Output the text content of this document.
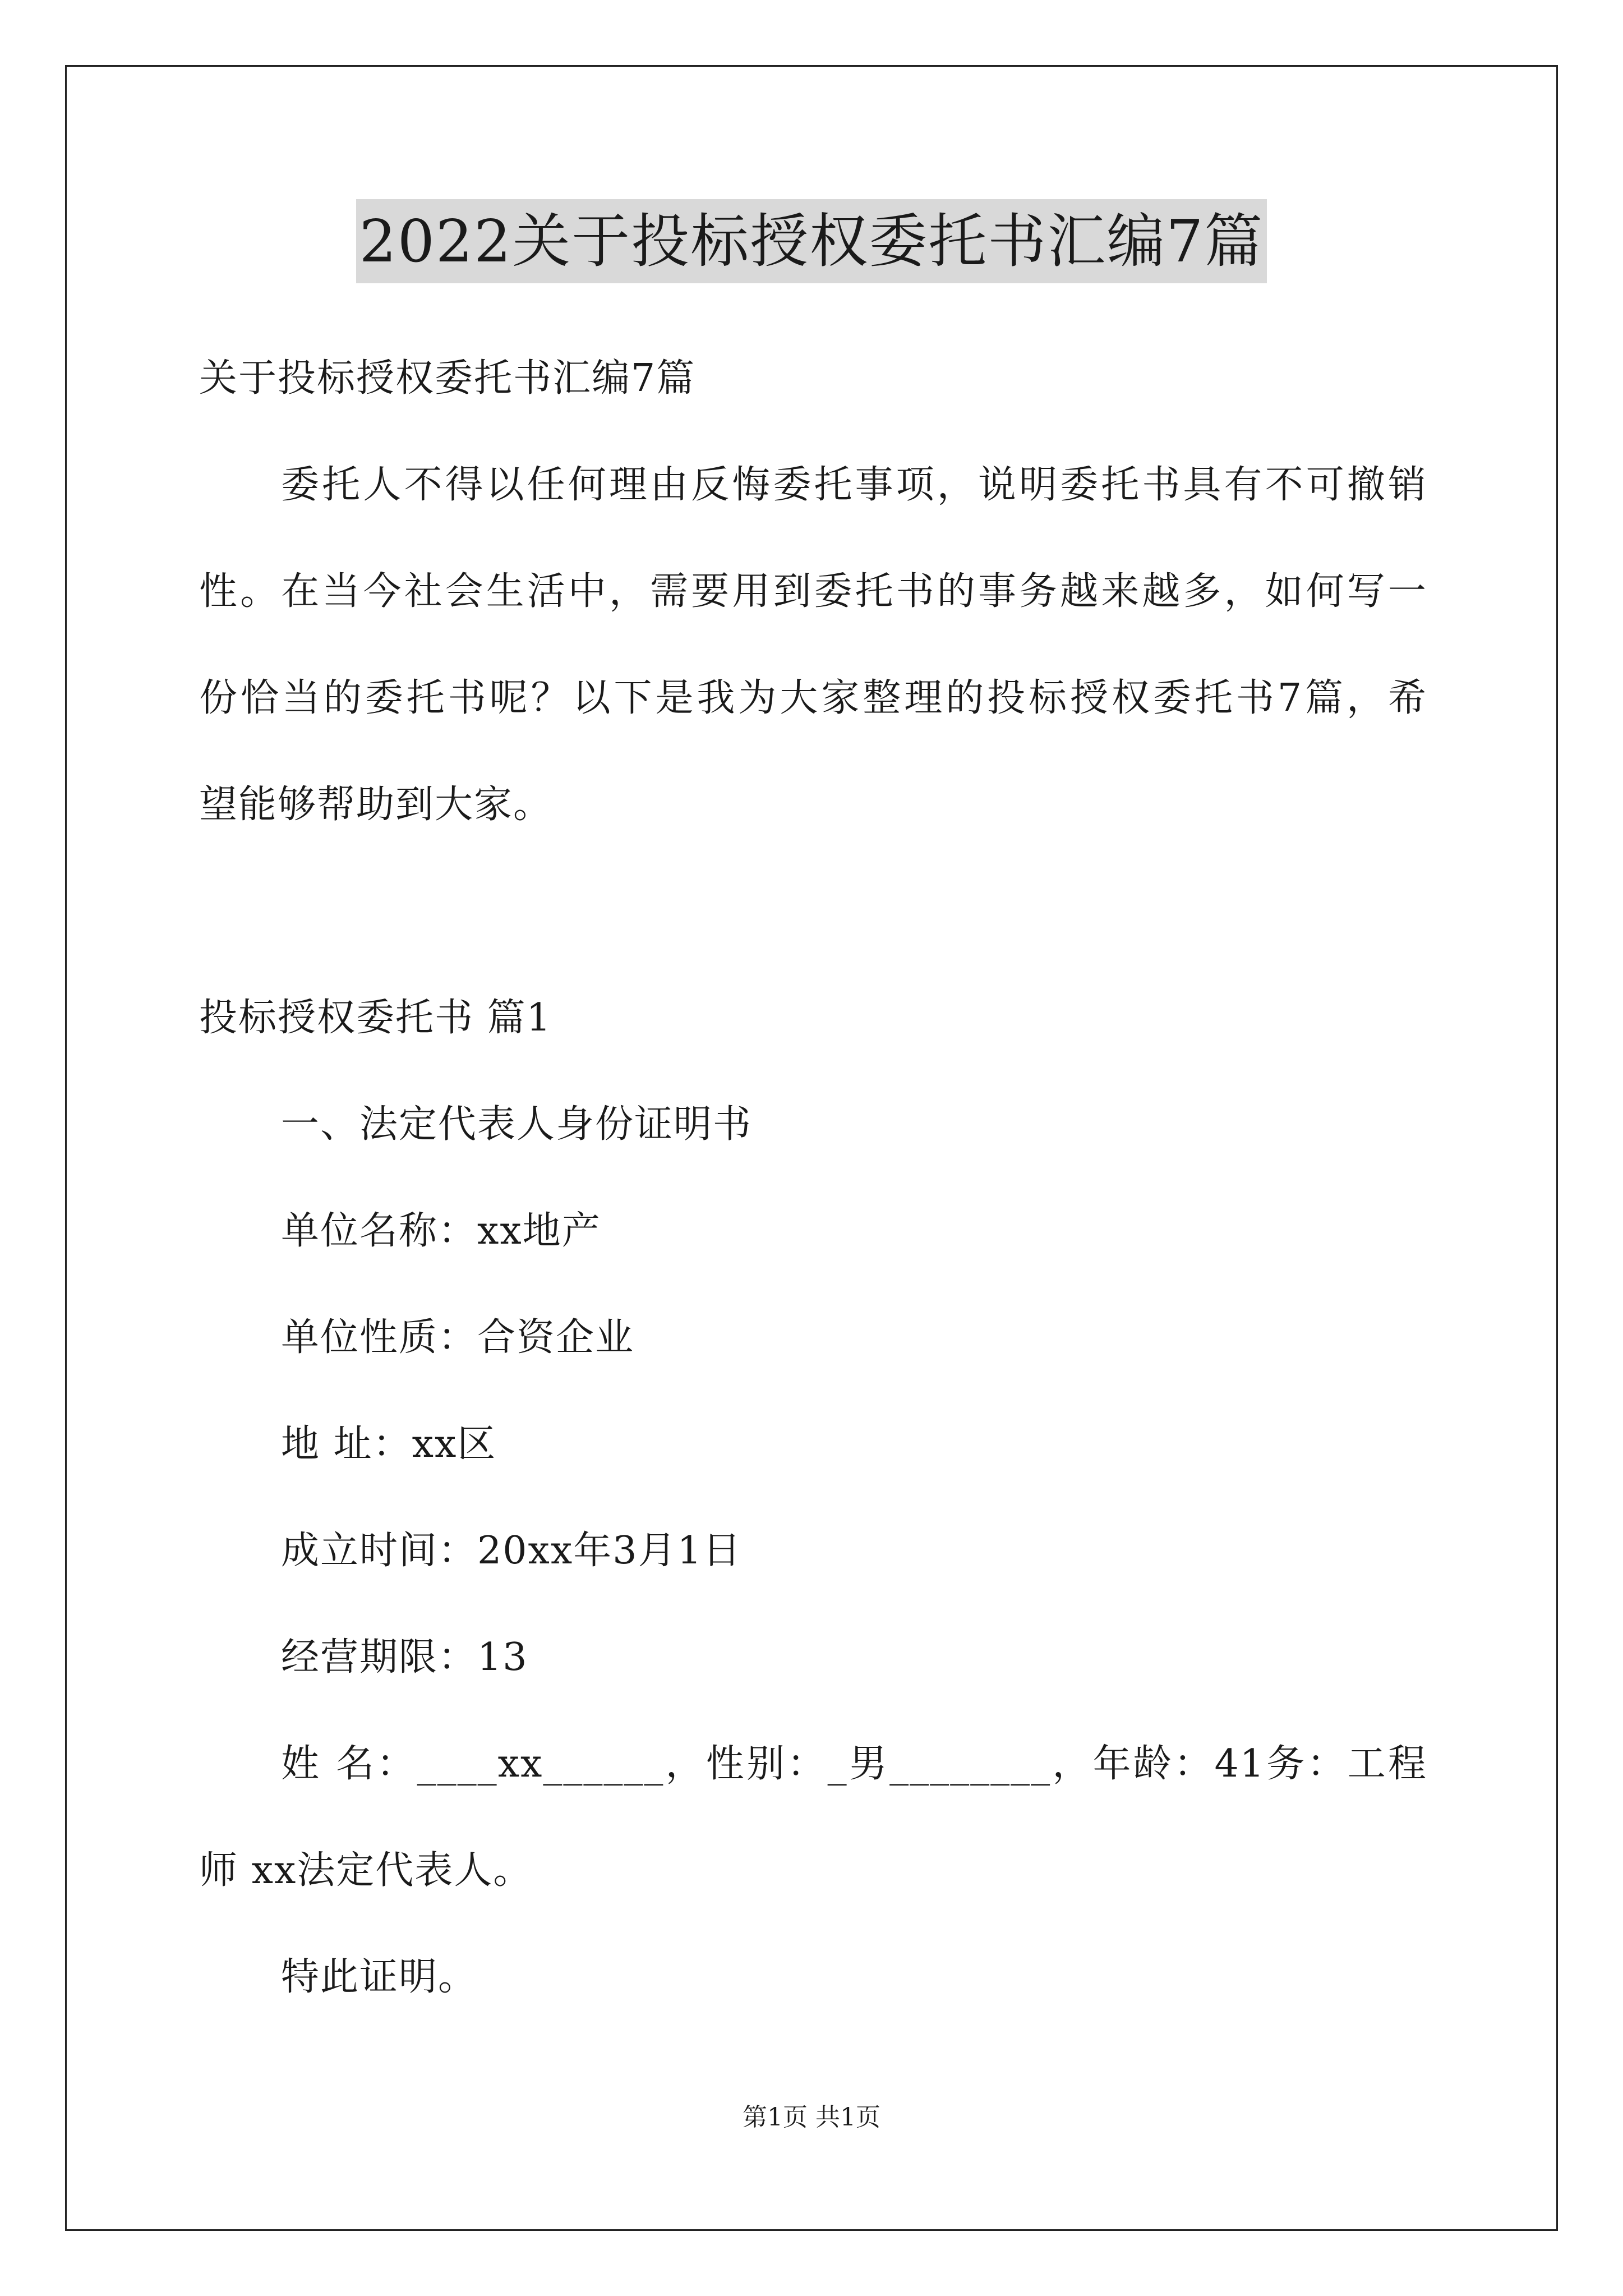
2022关于投标授权委托书汇编7篇
关于投标授权委托书汇编7篇
委托人不得以任何理由反悔委托事项，说明委托书具有不可撤销
性。在当今社会生活中，需要用到委托书的事务越来越多，如何写一
份恰当的委托书呢？以下是我为大家整理的投标授权委托书7篇，希
望能够帮助到大家。
投标授权委托书 篇1
一、法定代表人身份证明书
单位名称：xx地产
单位性质：合资企业
地 址：xx区
成立时间：20xx年3月1日
经营期限：13
姓 名：____xx______，性别：_男________，年龄：41务：工程
师 xx法定代表人。
特此证明。
第1页 共1页
